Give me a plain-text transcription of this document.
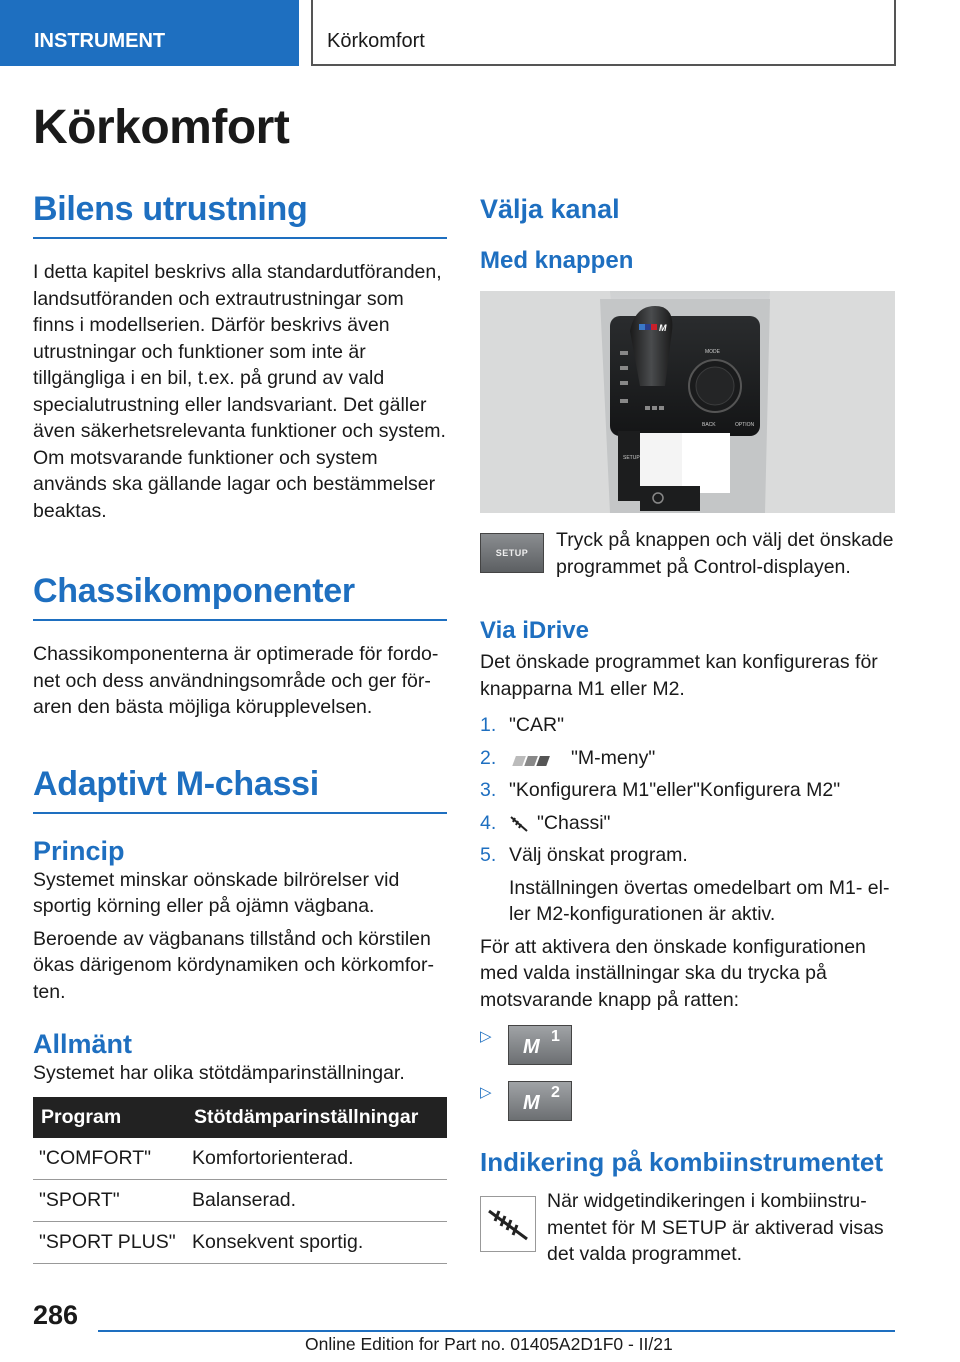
INSTRUMENT	Körkomfort
Körkomfort
Bilens utrustning
I detta kapitel beskrivs alla standardutföranden, landsutföranden och extrautrustningar som finns i modellserien. Därför beskrivs även utrustningar och funktioner som inte är tillgängliga i en bil, t.ex. på grund av vald specialutrustning eller landsvariant. Det gäller även säkerhetsrelevanta funktioner och system. Om motsvarande funktioner och system används ska gällande lagar och bestämmelser beaktas.
Chassikomponenter
Chassikomponenterna är optimerade för fordonet och dess användningsområde och ger föraren den bästa möjliga körupplevelsen.
Adaptivt M-chassi
Princip
Systemet minskar oönskade bilrörelser vid sportig körning eller på ojämn vägbana.
Beroende av vägbanans tillstånd och körstilen ökas därigenom kördynamiken och körkomforten.
Allmänt
Systemet har olika stötdämparinställningar.
Program	Stötdämparinställningar
"COMFORT"	Komfortorienterad.
"SPORT"	Balanserad.
"SPORT PLUS"	Konsekvent sportig.
Välja kanal
Med knappen
M
MODE
SETUP
BACK	OPTION
SETUP
Tryck på knappen och välj det önskade programmet på Control-displayen.
Via iDrive
Det önskade programmet kan konfigureras för knapparna M1 eller M2.
1. "CAR"
2.	"M-meny"
3. "Konfigurera M1"eller"Konfigurera M2"
4. "Chassi"
5. Välj önskat program.
Inställningen övertas omedelbart om M1- eller M2-konfigurationen är aktiv.
För att aktivera den önskade konfigurationen med valda inställningar ska du trycka på motsvarande knapp på ratten:
▷ M 1
▷ M 2
Indikering på kombiinstrumentet
När widgetindikeringen i kombiinstrumentet för M SETUP är aktiverad visas det valda programmet.
286
Online Edition for Part no. 01405A2D1F0 - II/21
